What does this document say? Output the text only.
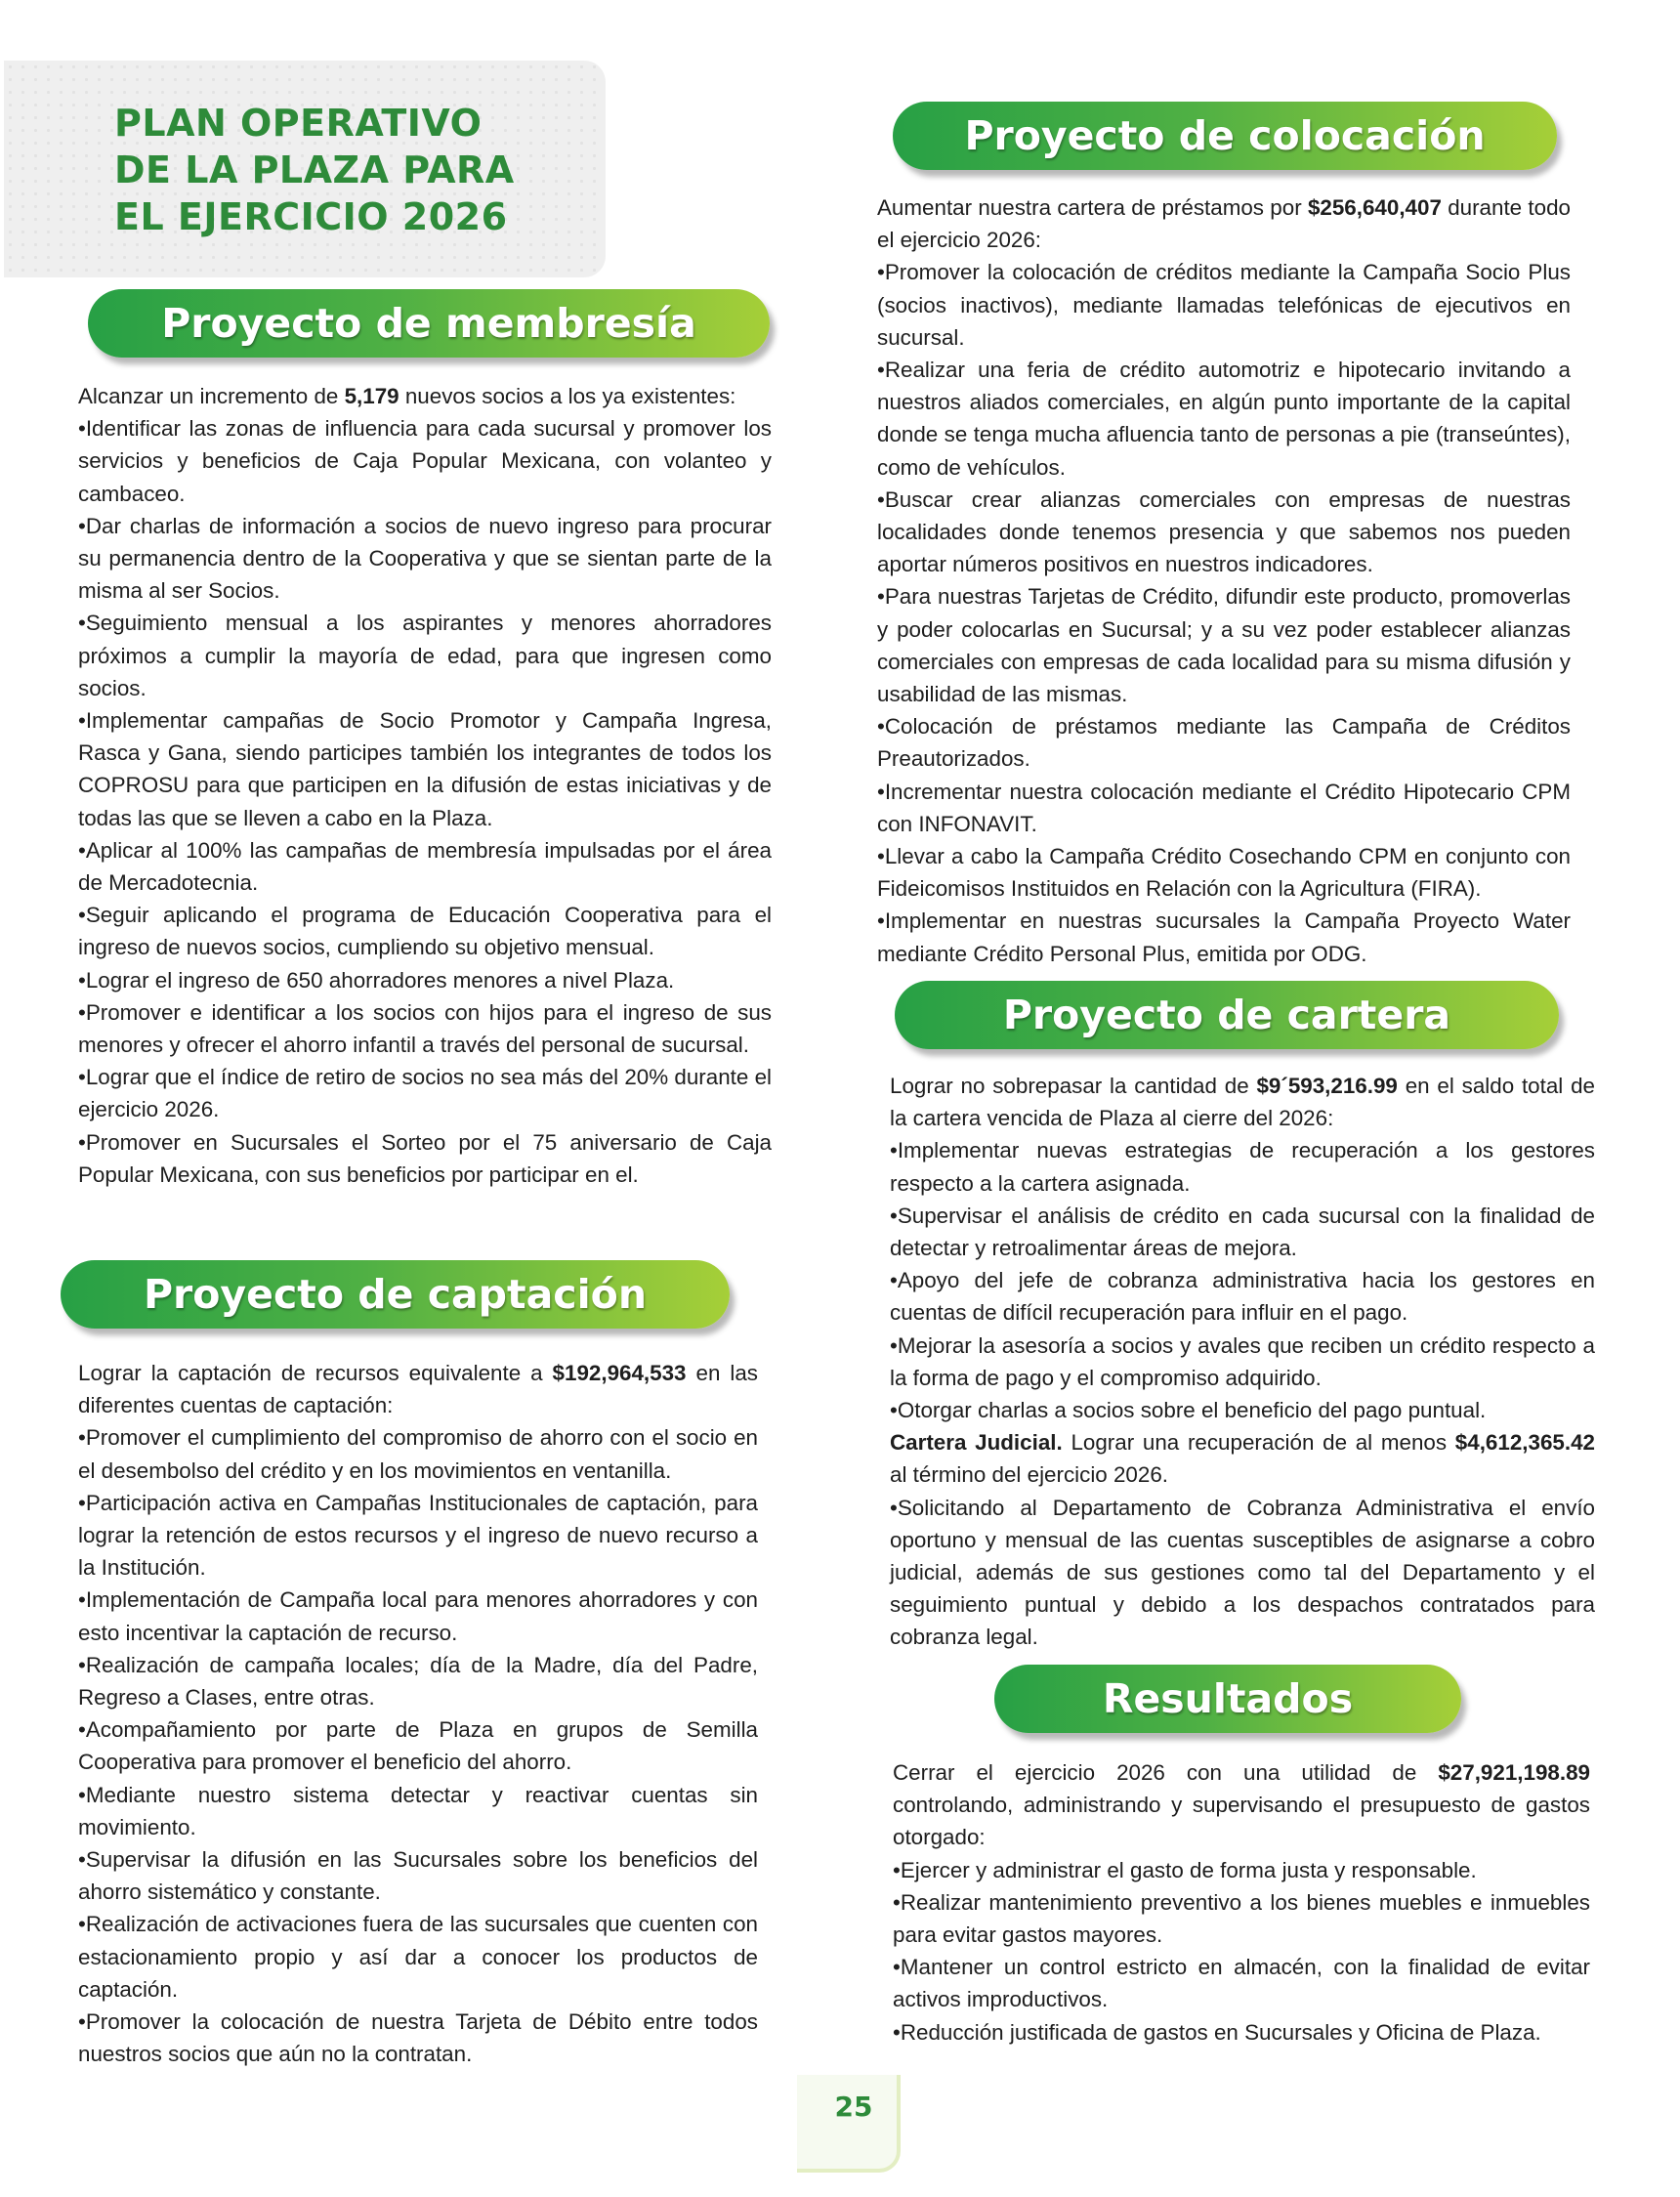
PLAN OPERATIVO
DE LA PLAZA PARA
EL EJERCICIO 2026
Proyecto de membresía

Alcanzar un incremento de 5,179 nuevos socios a los ya existentes:

•Identificar las zonas de influencia para cada sucursal y promover los servicios y beneficios de Caja Popular Mexicana, con volanteo y cambaceo.

•Dar charlas de información a socios de nuevo ingreso para procurar su permanencia dentro de la Cooperativa y que se sientan parte de la misma al ser Socios.

•Seguimiento mensual a los aspirantes y menores ahorradores próximos a cumplir la mayoría de edad, para que ingresen como socios.

•Implementar campañas de Socio Promotor y Campaña Ingresa, Rasca y Gana, siendo participes también los integrantes de todos los COPROSU para que participen en la difusión de estas iniciativas y de todas las que se lleven a cabo en la Plaza.

•Aplicar al 100% las campañas de membresía impulsadas por el área de Mercadotecnia.

•Seguir aplicando el programa de Educación Cooperativa para el ingreso de nuevos socios, cumpliendo su objetivo mensual.

•Lograr el ingreso de 650 ahorradores menores a nivel Plaza.

•Promover e identificar a los socios con hijos para el ingreso de sus menores y ofrecer el ahorro infantil a través del personal de sucursal.

•Lograr que el índice de retiro de socios no sea más del 20% durante el ejercicio 2026.

•Promover en Sucursales el Sorteo por el 75 aniversario de Caja Popular Mexicana, con sus beneficios por participar en el.

Proyecto de captación

Lograr la captación de recursos equivalente a $192,964,533 en las diferentes cuentas de captación:

•Promover el cumplimiento del compromiso de ahorro con el socio en el desembolso del crédito y en los movimientos en ventanilla.

•Participación activa en Campañas Institucionales de captación, para lograr la retención de estos recursos y el ingreso de nuevo recurso a la Institución.

•Implementación de Campaña local para menores ahorradores y con esto incentivar la captación de recurso.

•Realización de campaña locales; día de la Madre, día del Padre, Regreso a Clases, entre otras.

•Acompañamiento por parte de Plaza en grupos de Semilla Cooperativa para promover el beneficio del ahorro.

•Mediante nuestro sistema detectar y reactivar cuentas sin movimiento.

•Supervisar la difusión en las Sucursales sobre los beneficios del ahorro sistemático y constante.

•Realización de activaciones fuera de las sucursales que cuenten con estacionamiento propio y así dar a conocer los productos de captación.

•Promover la colocación de nuestra Tarjeta de Débito entre todos nuestros socios que aún no la contratan.

Proyecto de colocación

Aumentar nuestra cartera de préstamos por $256,640,407 durante todo el ejercicio 2026:

•Promover la colocación de créditos mediante la Campaña Socio Plus (socios inactivos), mediante llamadas telefónicas de ejecutivos en sucursal.

•Realizar una feria de crédito automotriz e hipotecario invitando a nuestros aliados comerciales, en algún punto importante de la capital donde se tenga mucha afluencia tanto de personas a pie (transeúntes), como de vehículos.

•Buscar crear alianzas comerciales con empresas de nuestras localidades donde tenemos presencia y que sabemos nos pueden aportar números positivos en nuestros indicadores.

•Para nuestras Tarjetas de Crédito, difundir este producto, promoverlas y poder colocarlas en Sucursal; y a su vez poder establecer alianzas comerciales con empresas de cada localidad para su misma difusión y usabilidad de las mismas.

•Colocación de préstamos mediante las Campaña de Créditos Preautorizados.

•Incrementar nuestra colocación mediante el Crédito Hipotecario CPM con INFONAVIT.

•Llevar a cabo la Campaña Crédito Cosechando CPM en conjunto con Fideicomisos Instituidos en Relación con la Agricultura (FIRA).

•Implementar en nuestras sucursales la Campaña Proyecto Water mediante Crédito Personal Plus, emitida por ODG.

Proyecto de cartera

Lograr no sobrepasar la cantidad de $9´593,216.99 en el saldo total de la cartera vencida de Plaza al cierre del 2026:

•Implementar nuevas estrategias de recuperación a los gestores respecto a la cartera asignada.

•Supervisar el análisis de crédito en cada sucursal con la finalidad de detectar y retroalimentar áreas de mejora.

•Apoyo del jefe de cobranza administrativa hacia los gestores en cuentas de difícil recuperación para influir en el pago.

•Mejorar la asesoría a socios y avales que reciben un crédito respecto a la forma de pago y el compromiso adquirido.

•Otorgar charlas a socios sobre el beneficio del pago puntual.

Cartera Judicial. Lograr una recuperación de al menos $4,612,365.42 al término del ejercicio 2026.

•Solicitando al Departamento de Cobranza Administrativa el envío oportuno y mensual de las cuentas susceptibles de asignarse a cobro judicial, además de sus gestiones como tal del Departamento y el seguimiento puntual y debido a los despachos contratados para cobranza legal.

Resultados

Cerrar el ejercicio 2026 con una utilidad de $27,921,198.89 controlando, administrando y supervisando el presupuesto de gastos otorgado:

•Ejercer y administrar el gasto de forma justa y responsable.

•Realizar mantenimiento preventivo a los bienes muebles e inmuebles para evitar gastos mayores.

•Mantener un control estricto en almacén, con la finalidad de evitar activos improductivos.

•Reducción justificada de gastos en Sucursales y Oficina de Plaza.

25
